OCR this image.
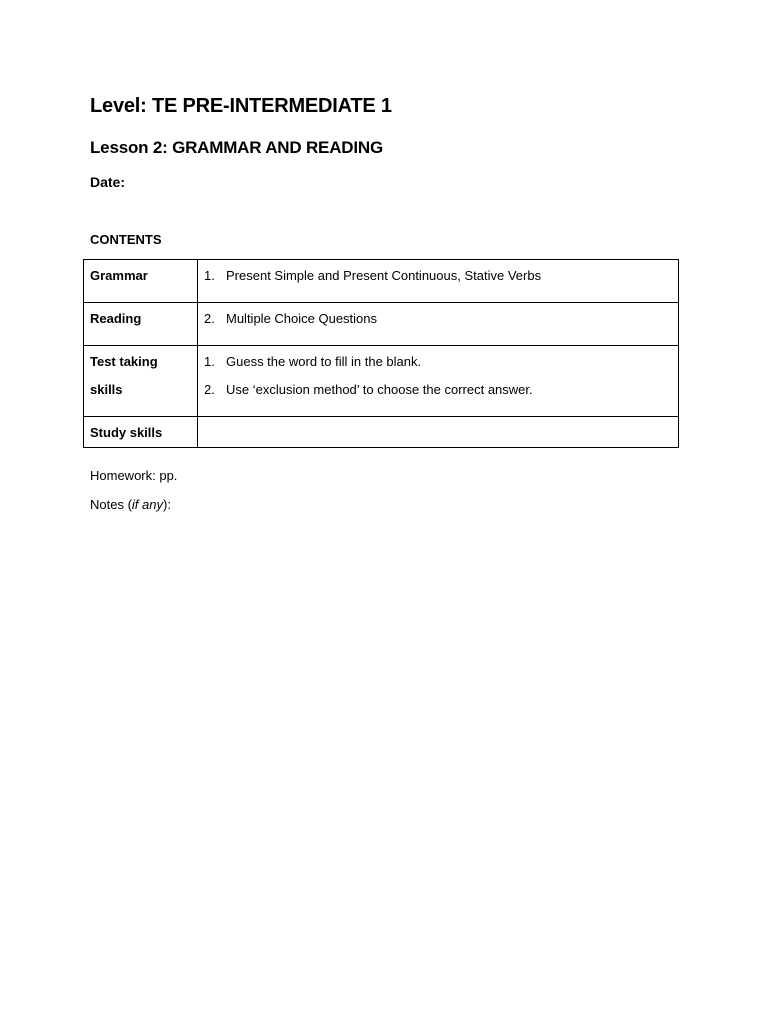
Level: TE PRE-INTERMEDIATE 1
Lesson 2: GRAMMAR AND READING
Date:
CONTENTS
Grammar	1. Present Simple and Present Continuous, Stative Verbs

Reading	2. Multiple Choice Questions

Test taking
skills	1. Guess the word to fill in the blank.
2. Use ‘exclusion method’ to choose the correct answer.

Study skills	
Homework: pp.
Notes (if any):
